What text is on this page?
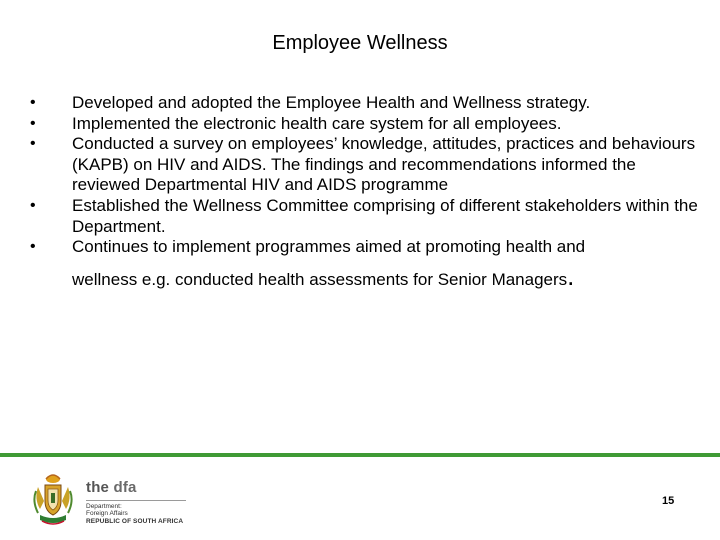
Employee Wellness
•	Developed and adopted the Employee Health and Wellness strategy.
•	Implemented the electronic health care system for all employees.
•	Conducted a survey on employees’ knowledge, attitudes, practices and behaviours (KAPB) on HIV and AIDS. The findings and recommendations informed the reviewed Departmental HIV and AIDS programme
•	Established the Wellness Committee comprising of different stakeholders within the Department.
•	Continues to implement programmes aimed at promoting health and
wellness e.g. conducted health assessments for Senior Managers.
the dfa
Department:
Foreign Affairs
REPUBLIC OF SOUTH AFRICA
15
